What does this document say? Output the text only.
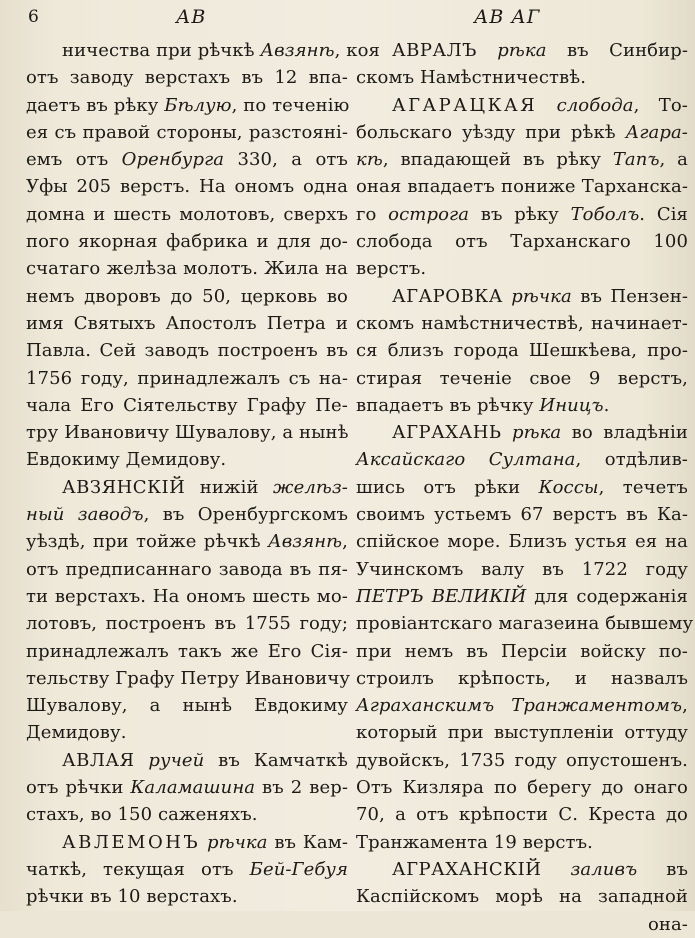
6	АВ	АВ АГ
ничества при рѣчкѣ Авзянѣ, коя
отъ заводу верстахъ въ 12 впа-
даетъ въ рѣку Бѣлую, по теченію
ея съ правой стороны, разстояні-
емъ отъ Оренбурга 330, а отъ
Уфы 205 верстъ. На ономъ одна
домна и шесть молотовъ, сверхъ
пого якорная фабрика и для до-
счатаго желѣза молотъ. Жила на
немъ дворовъ до 50, церковь во
имя Святыхъ Апостолъ Петра и
Павла. Сей заводъ построенъ въ
1756 году, принадлежалъ съ на-
чала Его Сіятельству Графу Пе-
тру Ивановичу Шувалову, а нынѣ
Евдокиму Демидову.
АВЗЯНСКІЙ нижій желѣз-
ный заводъ, въ Оренбургскомъ
уѣздѣ, при тойже рѣчкѣ Авзянѣ,
отъ предписаннаго завода въ пя-
ти верстахъ. На ономъ шесть мо-
лотовъ, построенъ въ 1755 году;
принадлежалъ такъ же Его Сія-
тельству Графу Петру Ивановичу
Шувалову, а нынѣ Евдокиму
Демидову.
АВЛАЯ ручей въ Камчаткѣ
отъ рѣчки Каламашина въ 2 вер-
стахъ, во 150 саженяхъ.
АВЛЕМОНЪ рѣчка въ Кам-
чаткѣ, текущая отъ Бей-Гебуя
рѣчки въ 10 верстахъ.
АВРАЛЪ рѣка въ Синбир-
скомъ Намѣстничествѣ.
АГАРАЦКАЯ слобода, То-
больскаго уѣзду при рѣкѣ Агара-
кѣ, впадающей въ рѣку Тапъ, а
оная впадаетъ пониже Тарханска-
го острога въ рѣку Тоболъ. Сія
слобода отъ Тарханскаго 100
верстъ.
АГАРОВКА рѣчка въ Пензен-
скомъ намѣстничествѣ, начинает-
ся близъ города Шешкѣева, про-
стирая теченіе свое 9 верстъ,
впадаетъ въ рѣчку Иницъ.
АГРАХАНЬ рѣка во владѣніи
Аксайскаго Султана, отдѣлив-
шись отъ рѣки Коссы, течетъ
своимъ устьемъ 67 верстъ въ Ка-
спійское море. Близъ устья ея на
Учинскомъ валу въ 1722 году
ПЕТРЪ ВЕЛИКІЙ для содержанія
провіантскаго магазеина бывшему
при немъ въ Персіи войску по-
строилъ крѣпость, и назвалъ
Аграханскимъ Транжаментомъ,
который при выступленіи оттуду
дувойскъ, 1735 году опустошенъ.
Отъ Кизляра по берегу до онаго
70, а отъ крѣпости С. Креста до
Транжамента 19 верстъ.
АГРАХАНСКІЙ заливъ въ
Каспійскомъ морѣ на западной
она-
